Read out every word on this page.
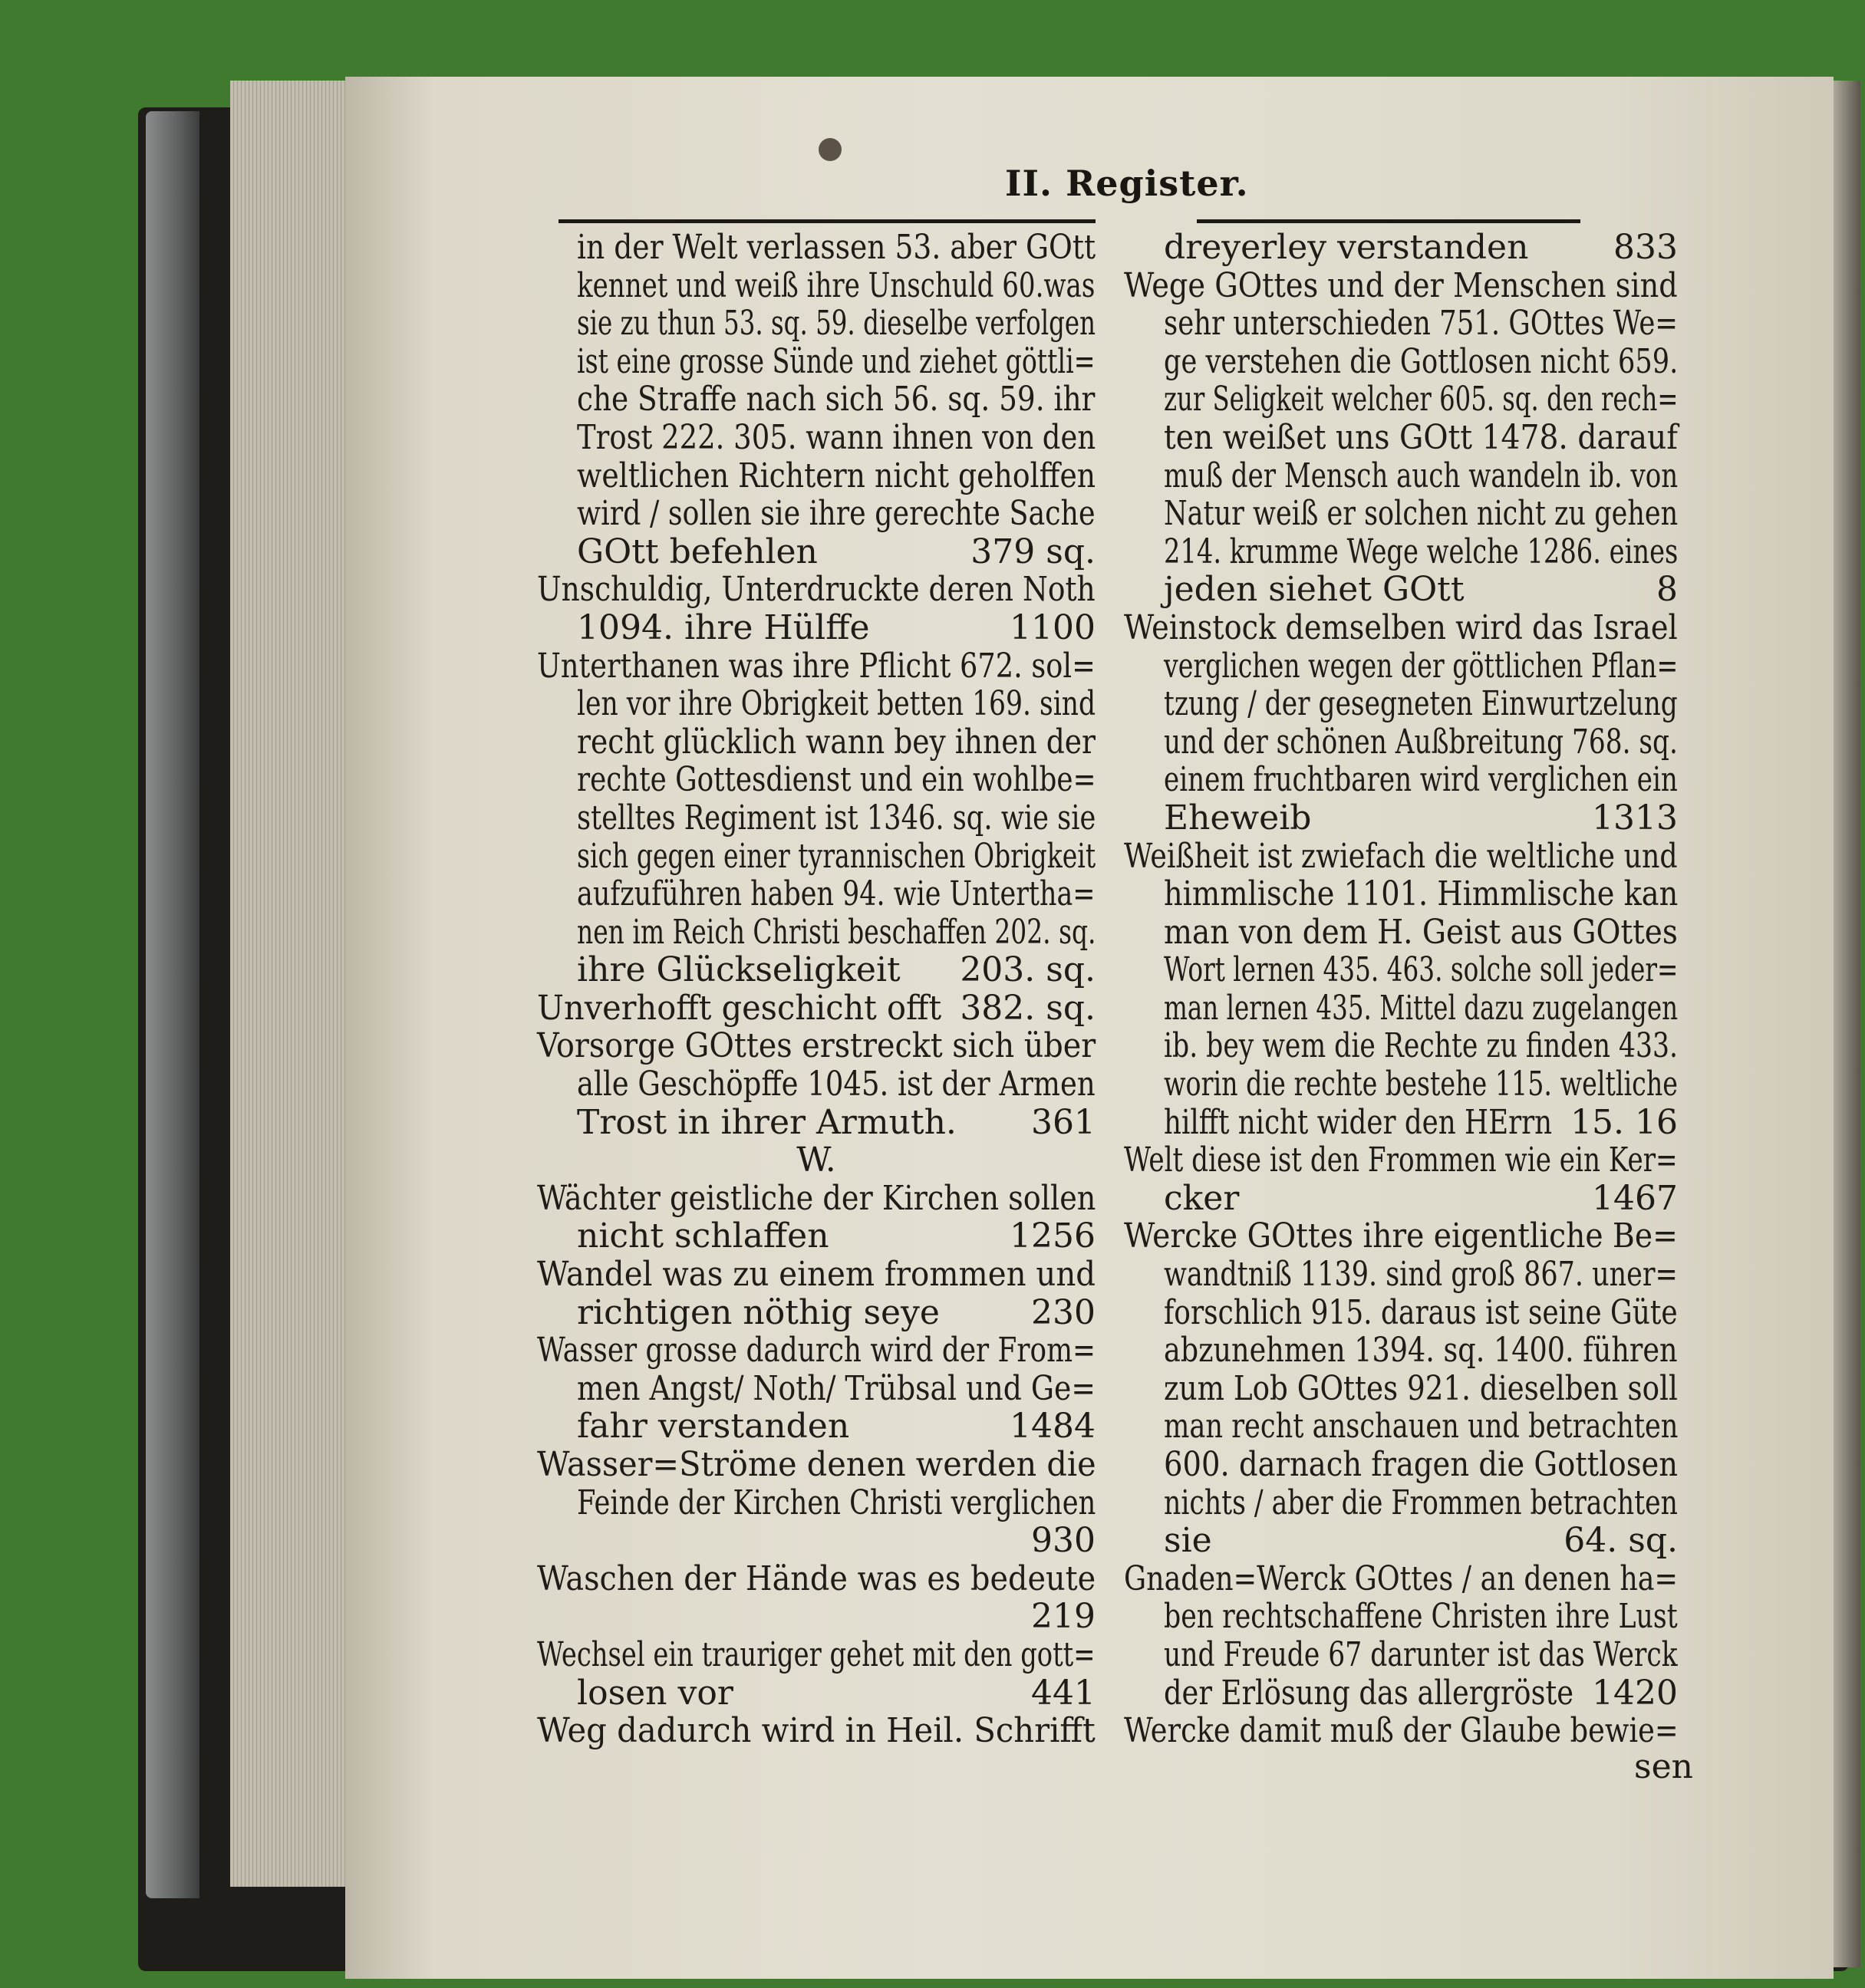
II. Register.
in der Welt verlassen 53. aber GOtt
kennet und weiß ihre Unschuld 60.was
sie zu thun 53. sq. 59. dieselbe verfolgen
ist eine grosse Sünde und ziehet göttli=
che Straffe nach sich 56. sq. 59. ihr
Trost 222. 305. wann ihnen von den
weltlichen Richtern nicht geholffen
wird / sollen sie ihre gerechte Sache
GOtt befehlen	379 sq.
Unschuldig, Unterdruckte deren Noth
1094. ihre Hülffe	1100
Unterthanen was ihre Pflicht 672. sol=
len vor ihre Obrigkeit betten 169. sind
recht glücklich wann bey ihnen der
rechte Gottesdienst und ein wohlbe=
stelltes Regiment ist 1346. sq. wie sie
sich gegen einer tyrannischen Obrigkeit
aufzuführen haben 94. wie Untertha=
nen im Reich Christi beschaffen 202. sq.
ihre Glückseligkeit 203. sq.
Unverhofft geschicht offt 382. sq.
Vorsorge GOttes erstreckt sich über
alle Geschöpffe 1045. ist der Armen
Trost in ihrer Armuth. 361
W.
Wächter geistliche der Kirchen sollen
nicht schlaffen	1256
Wandel was zu einem frommen und
richtigen nöthig seye	230
Wasser grosse dadurch wird der From=
men Angst/ Noth/ Trübsal und Ge=
fahr verstanden	1484
Wasser=Ströme denen werden die
Feinde der Kirchen Christi verglichen
930
Waschen der Hände was es bedeute
219
Wechsel ein trauriger gehet mit den gott=
losen vor	441
Weg dadurch wird in Heil. Schrifft
dreyerley verstanden	833
Wege GOttes und der Menschen sind
sehr unterschieden 751. GOttes We=
ge verstehen die Gottlosen nicht 659.
zur Seligkeit welcher 605. sq. den rech=
ten weißet uns GOtt 1478. darauf
muß der Mensch auch wandeln ib. von
Natur weiß er solchen nicht zu gehen
214. krumme Wege welche 1286. eines
jeden siehet GOtt	8
Weinstock demselben wird das Israel
verglichen wegen der göttlichen Pflan=
tzung / der gesegneten Einwurtzelung
und der schönen Außbreitung 768. sq.
einem fruchtbaren wird verglichen ein
Eheweib	1313
Weißheit ist zwiefach die weltliche und
himmlische 1101. Himmlische kan
man von dem H. Geist aus GOttes
Wort lernen 435. 463. solche soll jeder=
man lernen 435. Mittel dazu zugelangen
ib. bey wem die Rechte zu finden 433.
worin die rechte bestehe 115. weltliche
hilfft nicht wider den HErrn 15. 16
Welt diese ist den Frommen wie ein Ker=
cker	1467
Wercke GOttes ihre eigentliche Be=
wandtniß 1139. sind groß 867. uner=
forschlich 915. daraus ist seine Güte
abzunehmen 1394. sq. 1400. führen
zum Lob GOttes 921. dieselben soll
man recht anschauen und betrachten
600. darnach fragen die Gottlosen
nichts / aber die Frommen betrachten
sie	64. sq.
Gnaden=Werck GOttes / an denen ha=
ben rechtschaffene Christen ihre Lust
und Freude 67 darunter ist das Werck
der Erlösung das allergröste 1420
Wercke damit muß der Glaube bewie=
sen
